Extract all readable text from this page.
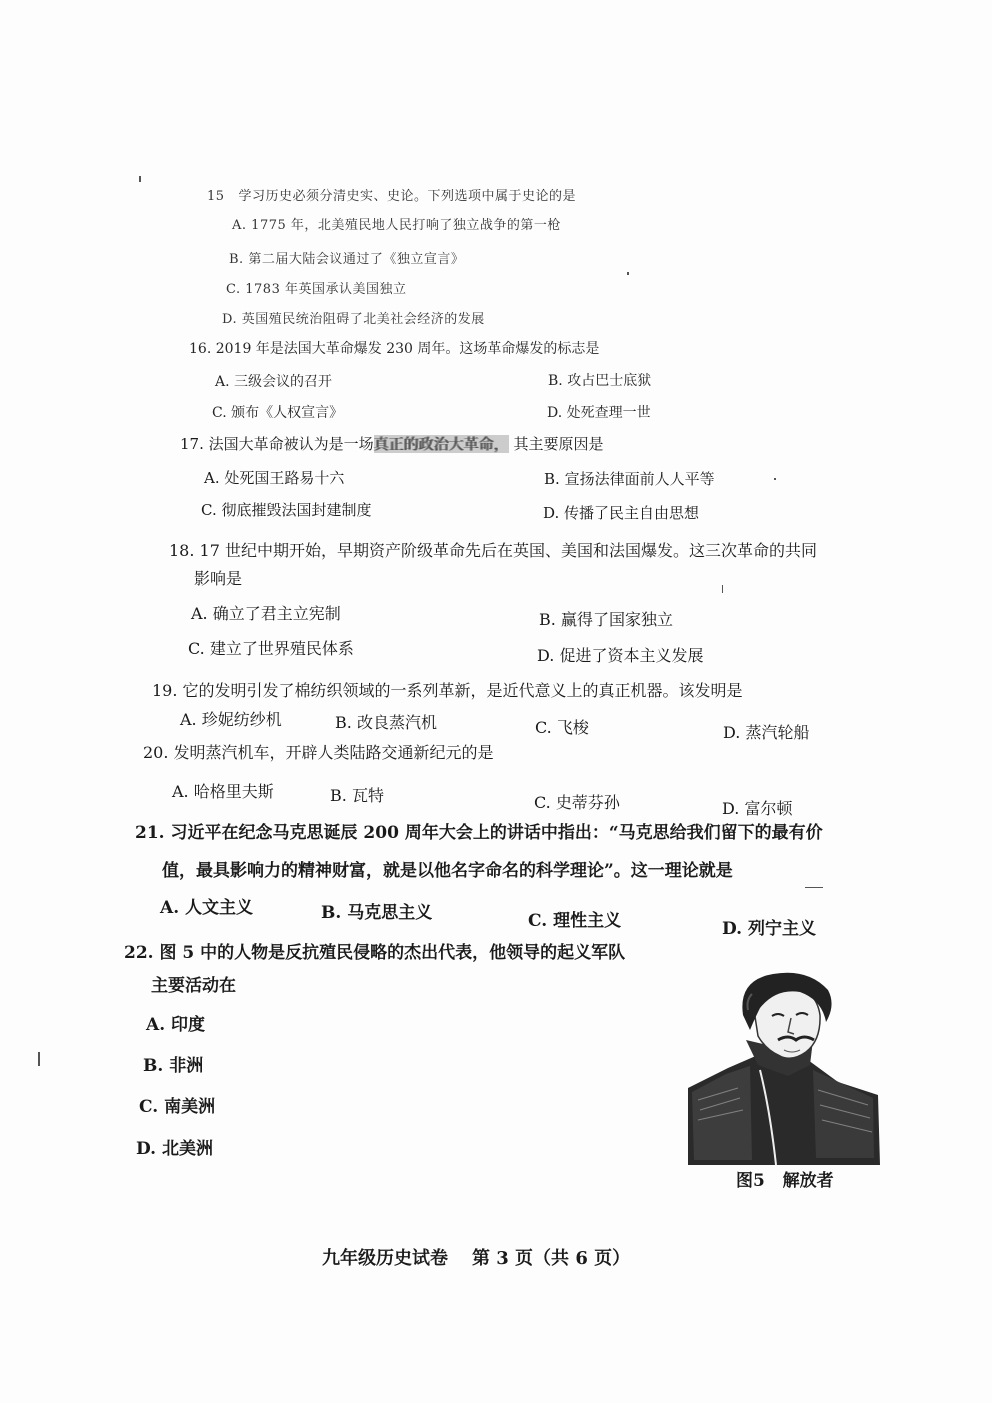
15 学习历史必须分清史实、史论。下列选项中属于史论的是
A. 1775 年，北美殖民地人民打响了独立战争的第一枪
B. 第二届大陆会议通过了《独立宣言》
C. 1783 年英国承认美国独立
D. 英国殖民统治阻碍了北美社会经济的发展
16. 2019 年是法国大革命爆发 230 周年。这场革命爆发的标志是
A. 三级会议的召开	B. 攻占巴士底狱
C. 颁布《人权宣言》	D. 处死查理一世
17. 法国大革命被认为是一场真正的政治大革命， 其主要原因是
A. 处死国王路易十六	B. 宣扬法律面前人人平等
C. 彻底摧毁法国封建制度	D. 传播了民主自由思想
18. 17 世纪中期开始，早期资产阶级革命先后在英国、美国和法国爆发。这三次革命的共同
影响是
A. 确立了君主立宪制	B. 赢得了国家独立
C. 建立了世界殖民体系	D. 促进了资本主义发展
19. 它的发明引发了棉纺织领域的一系列革新，是近代意义上的真正机器。该发明是
A. 珍妮纺纱机	B. 改良蒸汽机	C. 飞梭	D. 蒸汽轮船
20. 发明蒸汽机车，开辟人类陆路交通新纪元的是
A. 哈格里夫斯	B. 瓦特	C. 史蒂芬孙	D. 富尔顿
21. 习近平在纪念马克思诞辰 200 周年大会上的讲话中指出：“马克思给我们留下的最有价
值，最具影响力的精神财富，就是以他名字命名的科学理论”。这一理论就是
A. 人文主义	B. 马克思主义	C. 理性主义	D. 列宁主义
22. 图 5 中的人物是反抗殖民侵略的杰出代表，他领导的起义军队
主要活动在
A. 印度
B. 非洲
C. 南美洲
D. 北美洲
图5 解放者
九年级历史试卷 第 3 页（共 6 页）
